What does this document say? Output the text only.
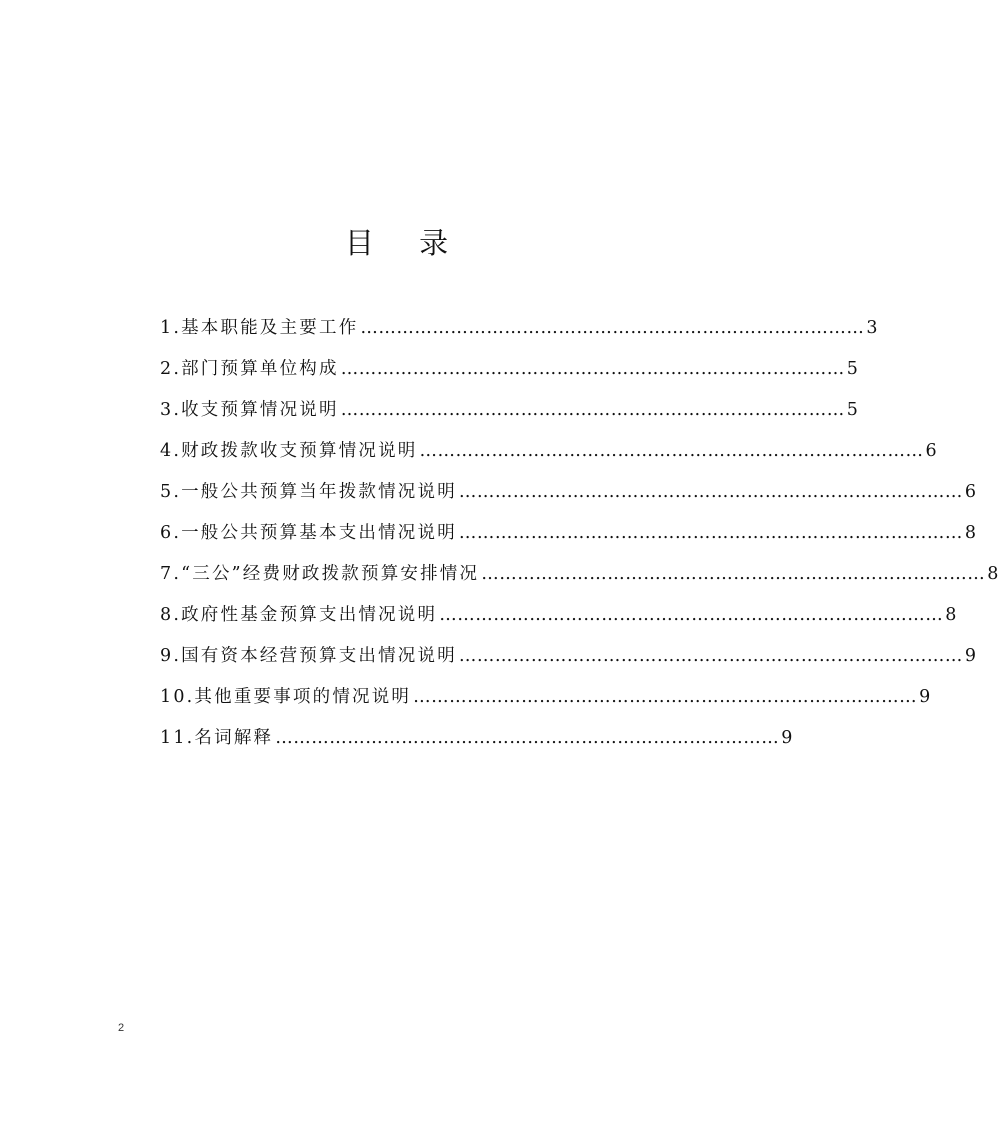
目 录
1.基本职能及主要工作 ………………………………………………………………………… 3
2.部门预算单位构成 ………………………………………………………………………… 5
3.收支预算情况说明 ………………………………………………………………………… 5
4.财政拨款收支预算情况说明 ………………………………………………………………………… 6
5.一般公共预算当年拨款情况说明 ………………………………………………………………………… 6
6.一般公共预算基本支出情况说明 ………………………………………………………………………… 8
7.“三公”经费财政拨款预算安排情况 ………………………………………………………………………… 8
8.政府性基金预算支出情况说明 ………………………………………………………………………… 8
9.国有资本经营预算支出情况说明 ………………………………………………………………………… 9
10.其他重要事项的情况说明 ………………………………………………………………………… 9
11.名词解释 ………………………………………………………………………… 9
2
